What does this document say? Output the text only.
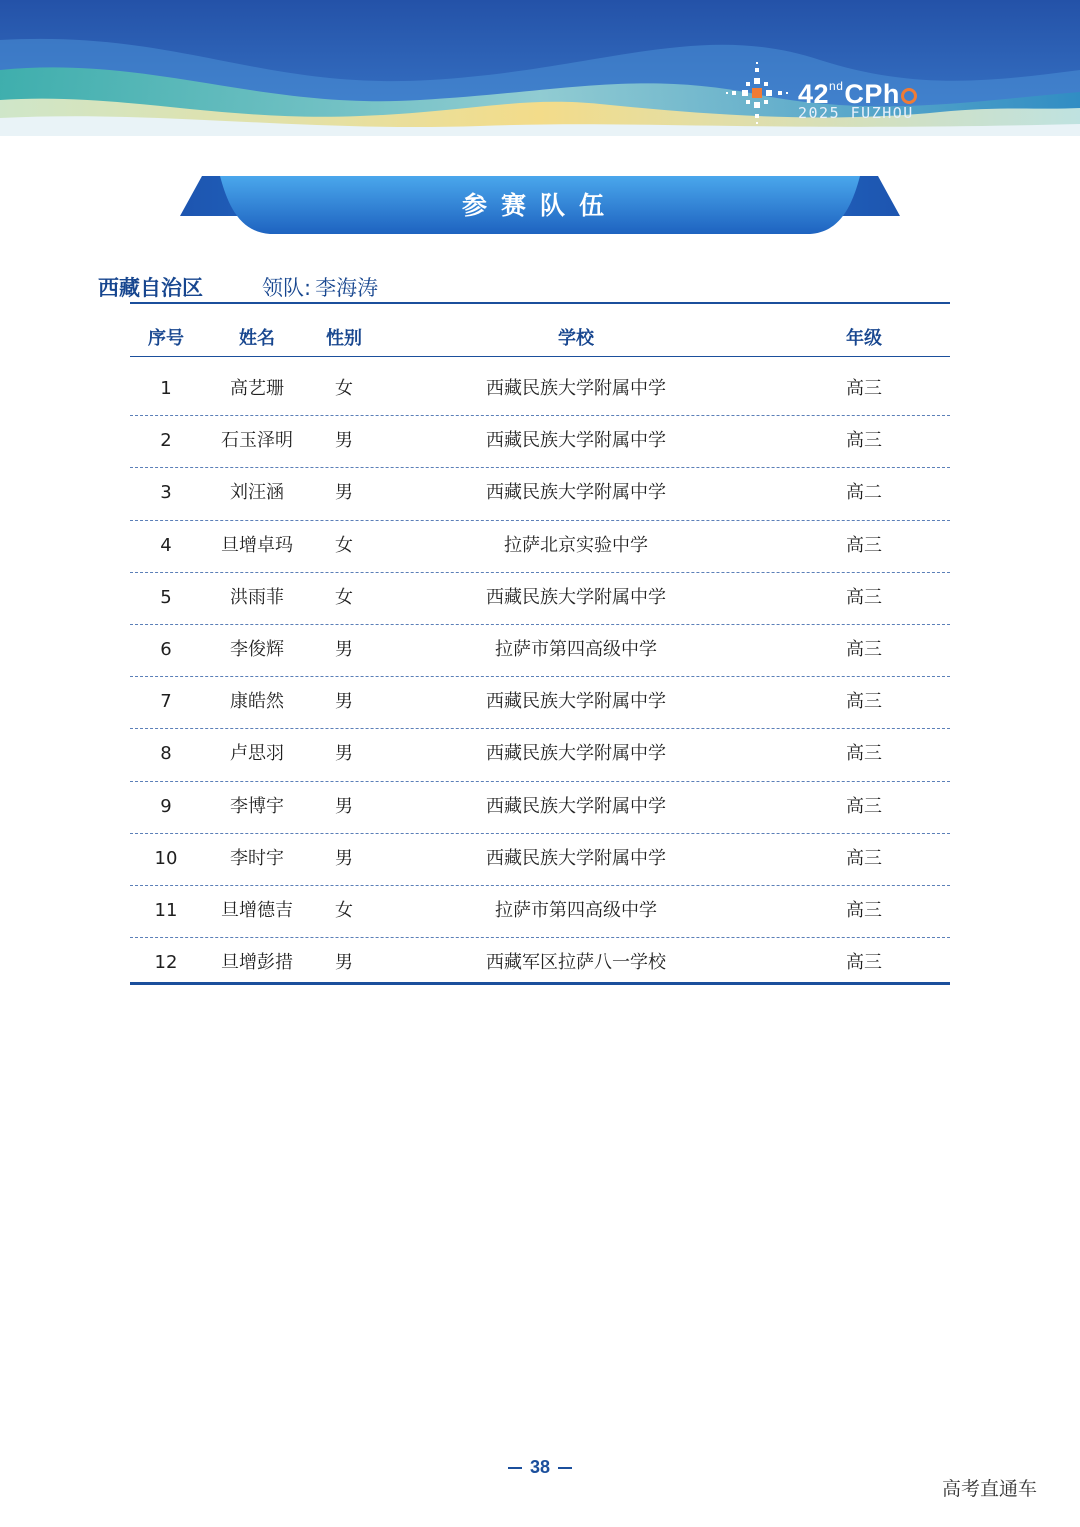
42ndCPh
2025 FUZHOU
参赛队伍
西藏自治区	领队: 李海涛
序号	姓名	性别	学校	年级
1	高艺珊	女	西藏民族大学附属中学	高三
2	石玉泽明	男	西藏民族大学附属中学	高三
3	刘汪涵	男	西藏民族大学附属中学	高二
4	旦增卓玛	女	拉萨北京实验中学	高三
5	洪雨菲	女	西藏民族大学附属中学	高三
6	李俊辉	男	拉萨市第四高级中学	高三
7	康皓然	男	西藏民族大学附属中学	高三
8	卢思羽	男	西藏民族大学附属中学	高三
9	李博宇	男	西藏民族大学附属中学	高三
10	李时宇	男	西藏民族大学附属中学	高三
11	旦增德吉	女	拉萨市第四高级中学	高三
12	旦增彭措	男	西藏军区拉萨八一学校	高三
38
高考直通车
